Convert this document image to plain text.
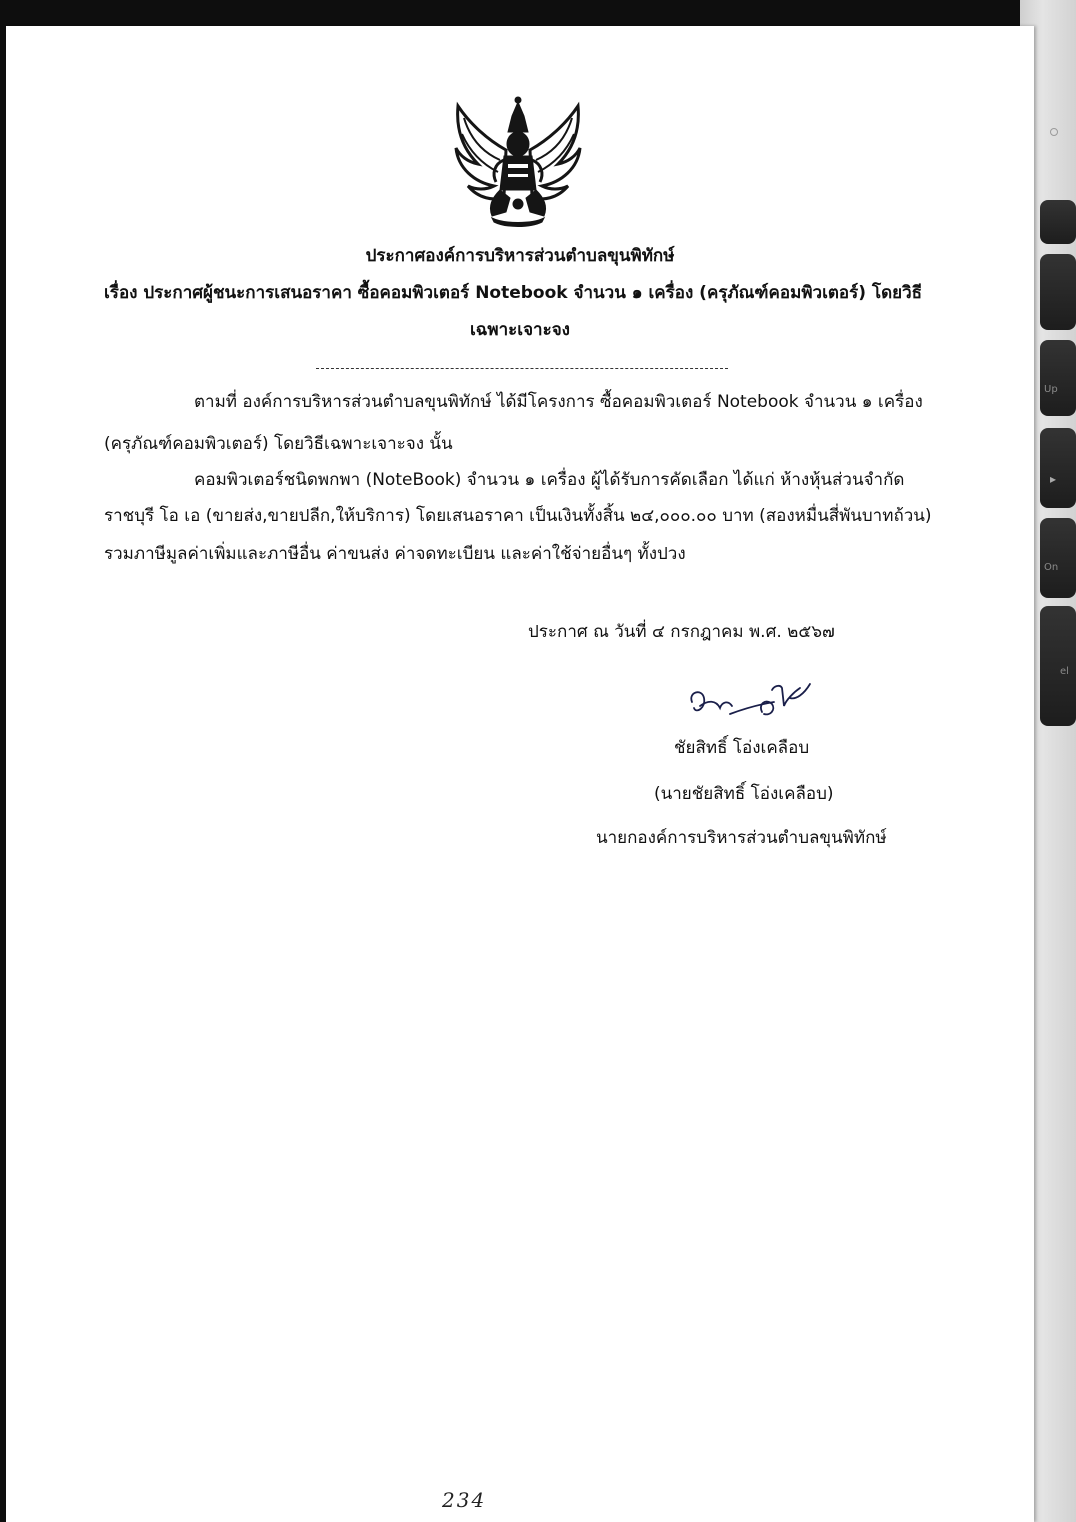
Up
▸
On
el
ประกาศองค์การบริหารส่วนตำบลขุนพิทักษ์
เรื่อง ประกาศผู้ชนะการเสนอราคา ซื้อคอมพิวเตอร์ Notebook จำนวน ๑ เครื่อง (ครุภัณฑ์คอมพิวเตอร์) โดยวิธี
เฉพาะเจาะจง
ตามที่ องค์การบริหารส่วนตำบลขุนพิทักษ์ ได้มีโครงการ ซื้อคอมพิวเตอร์ Notebook จำนวน ๑ เครื่อง
(ครุภัณฑ์คอมพิวเตอร์) โดยวิธีเฉพาะเจาะจง นั้น
คอมพิวเตอร์ชนิดพกพา (NoteBook) จำนวน ๑ เครื่อง ผู้ได้รับการคัดเลือก ได้แก่ ห้างหุ้นส่วนจำกัด
ราชบุรี โอ เอ (ขายส่ง,ขายปลีก,ให้บริการ) โดยเสนอราคา เป็นเงินทั้งสิ้น ๒๔,๐๐๐.๐๐ บาท (สองหมื่นสี่พันบาทถ้วน)
รวมภาษีมูลค่าเพิ่มและภาษีอื่น ค่าขนส่ง ค่าจดทะเบียน และค่าใช้จ่ายอื่นๆ ทั้งปวง
ประกาศ ณ วันที่ ๔ กรกฎาคม พ.ศ. ๒๕๖๗
ชัยสิทธิ์ โอ่งเคลือบ
(นายชัยสิทธิ์ โอ่งเคลือบ)
นายกองค์การบริหารส่วนตำบลขุนพิทักษ์
234
